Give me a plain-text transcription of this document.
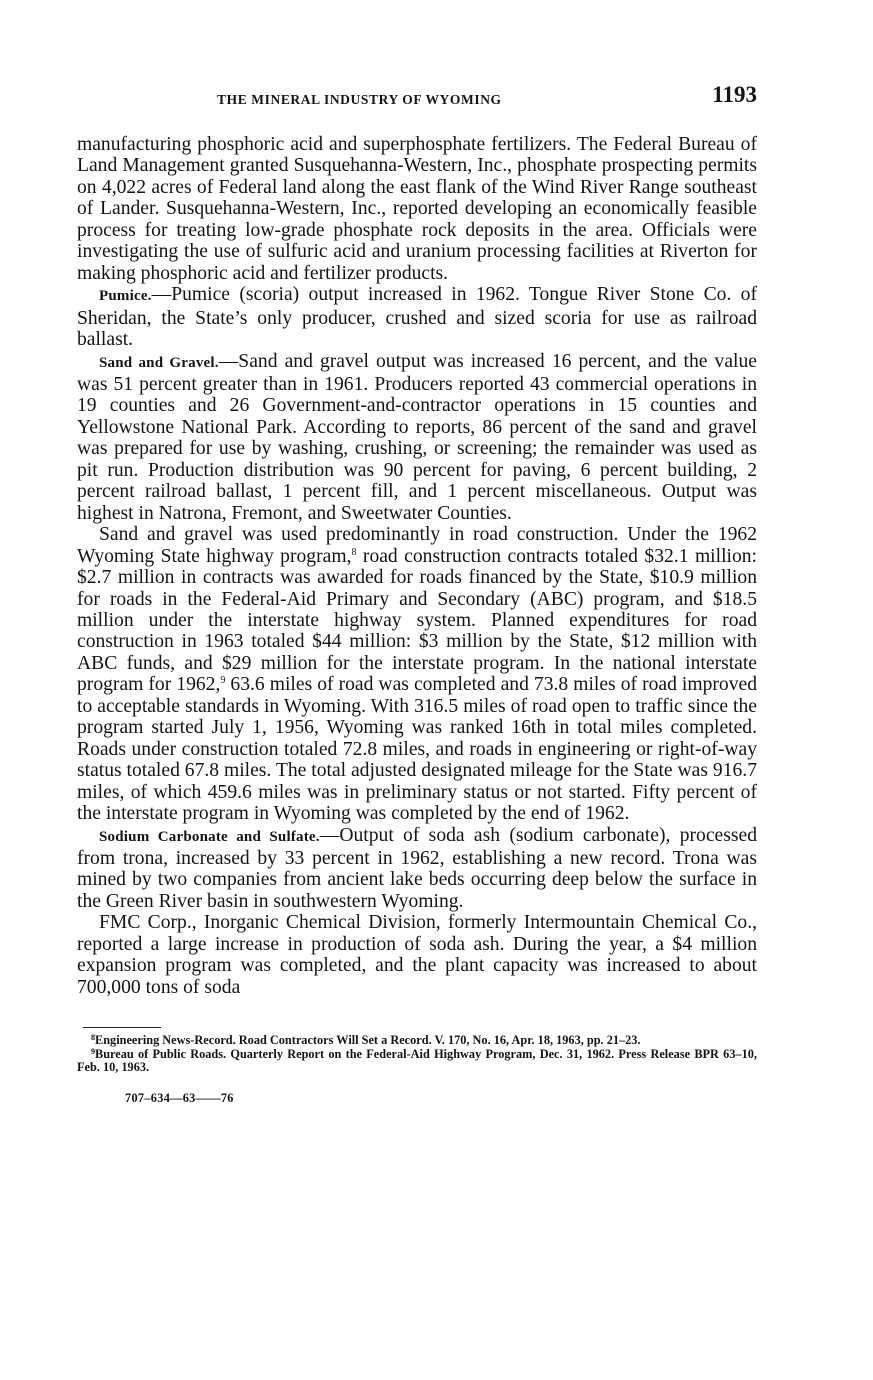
THE MINERAL INDUSTRY OF WYOMING	1193

manufacturing phosphoric acid and superphosphate fertilizers. The Federal Bureau of Land Management granted Susquehanna-Western, Inc., phosphate prospecting permits on 4,022 acres of Federal land along the east flank of the Wind River Range southeast of Lander. Susquehanna-Western, Inc., reported developing an economically feasible process for treating low-grade phosphate rock deposits in the area. Officials were investigating the use of sulfuric acid and uranium processing facilities at Riverton for making phosphoric acid and fertilizer products.

Pumice.—Pumice (scoria) output increased in 1962. Tongue River Stone Co. of Sheridan, the State’s only producer, crushed and sized scoria for use as railroad ballast.

Sand and Gravel.—Sand and gravel output was increased 16 percent, and the value was 51 percent greater than in 1961. Producers reported 43 commercial operations in 19 counties and 26 Government-and-contractor operations in 15 counties and Yellowstone National Park. According to reports, 86 percent of the sand and gravel was prepared for use by washing, crushing, or screening; the remainder was used as pit run. Production distribution was 90 percent for paving, 6 percent building, 2 percent railroad ballast, 1 percent fill, and 1 percent miscellaneous. Output was highest in Natrona, Fremont, and Sweetwater Counties.

Sand and gravel was used predominantly in road construction. Under the 1962 Wyoming State highway program,$^8$ road construction contracts totaled $32.1 million: $2.7 million in contracts was awarded for roads financed by the State, $10.9 million for roads in the Federal-Aid Primary and Secondary (ABC) program, and $18.5 million under the interstate highway system. Planned expenditures for road construction in 1963 totaled $44 million: $3 million by the State, $12 million with ABC funds, and $29 million for the interstate program. In the national interstate program for 1962,$^9$ 63.6 miles of road was completed and 73.8 miles of road improved to acceptable standards in Wyoming. With 316.5 miles of road open to traffic since the program started July 1, 1956, Wyoming was ranked 16th in total miles completed. Roads under construction totaled 72.8 miles, and roads in engineering or right-of-way status totaled 67.8 miles. The total adjusted designated mileage for the State was 916.7 miles, of which 459.6 miles was in preliminary status or not started. Fifty percent of the interstate program in Wyoming was completed by the end of 1962.

Sodium Carbonate and Sulfate.—Output of soda ash (sodium carbonate), processed from trona, increased by 33 percent in 1962, establishing a new record. Trona was mined by two companies from ancient lake beds occurring deep below the surface in the Green River basin in southwestern Wyoming.

FMC Corp., Inorganic Chemical Division, formerly Intermountain Chemical Co., reported a large increase in production of soda ash. During the year, a $4 million expansion program was completed, and the plant capacity was increased to about 700,000 tons of soda

$^8$Engineering News-Record. Road Contractors Will Set a Record. V. 170, No. 16, Apr. 18, 1963, pp. 21–23.

$^9$Bureau of Public Roads. Quarterly Report on the Federal-Aid Highway Program, Dec. 31, 1962. Press Release BPR 63–10, Feb. 10, 1963.

707–634—63——76
